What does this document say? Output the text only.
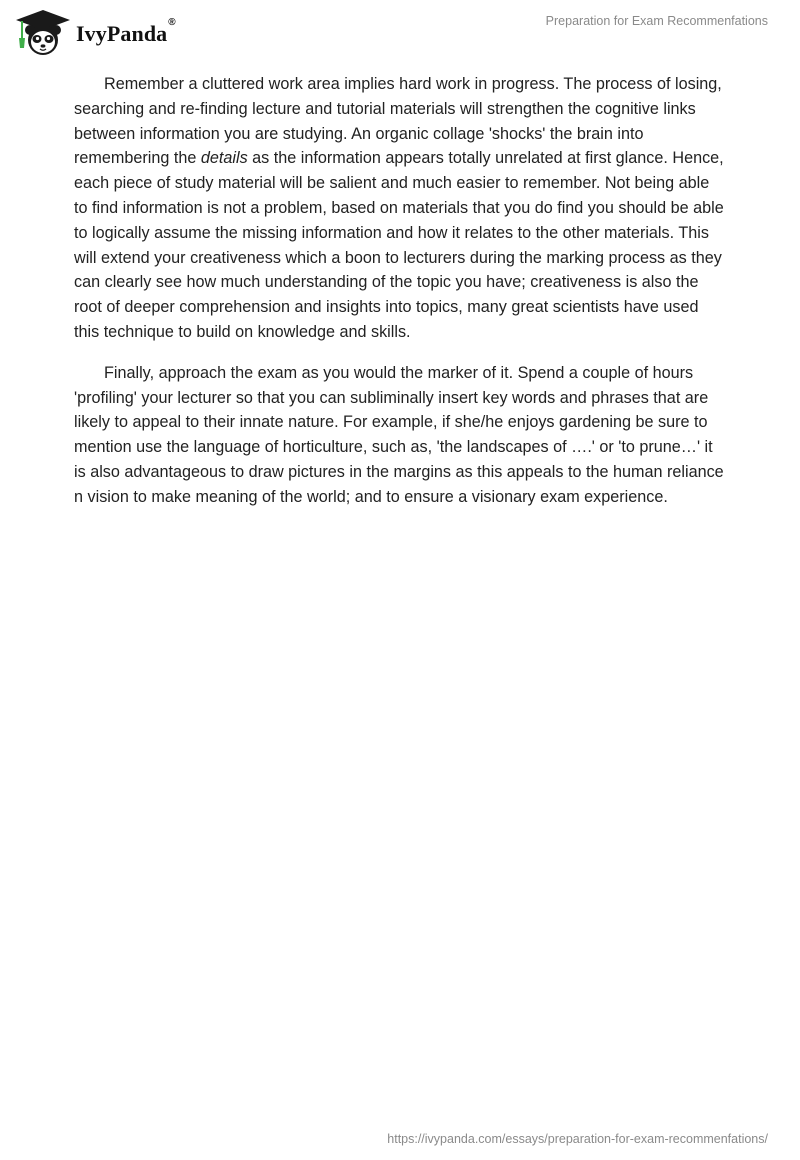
IvyPanda®	Preparation for Exam Recommenfations

Remember a cluttered work area implies hard work in progress. The process of losing, searching and re-finding lecture and tutorial materials will strengthen the cognitive links between information you are studying. An organic collage 'shocks' the brain into remembering the details as the information appears totally unrelated at first glance. Hence, each piece of study material will be salient and much easier to remember. Not being able to find information is not a problem, based on materials that you do find you should be able to logically assume the missing information and how it relates to the other materials. This will extend your creativeness which a boon to lecturers during the marking process as they can clearly see how much understanding of the topic you have; creativeness is also the root of deeper comprehension and insights into topics, many great scientists have used this technique to build on knowledge and skills.

Finally, approach the exam as you would the marker of it. Spend a couple of hours 'profiling' your lecturer so that you can subliminally insert key words and phrases that are likely to appeal to their innate nature. For example, if she/he enjoys gardening be sure to mention use the language of horticulture, such as, 'the landscapes of ….' or 'to prune…' it is also advantageous to draw pictures in the margins as this appeals to the human reliance n vision to make meaning of the world; and to ensure a visionary exam experience.

https://ivypanda.com/essays/preparation-for-exam-recommenfations/
